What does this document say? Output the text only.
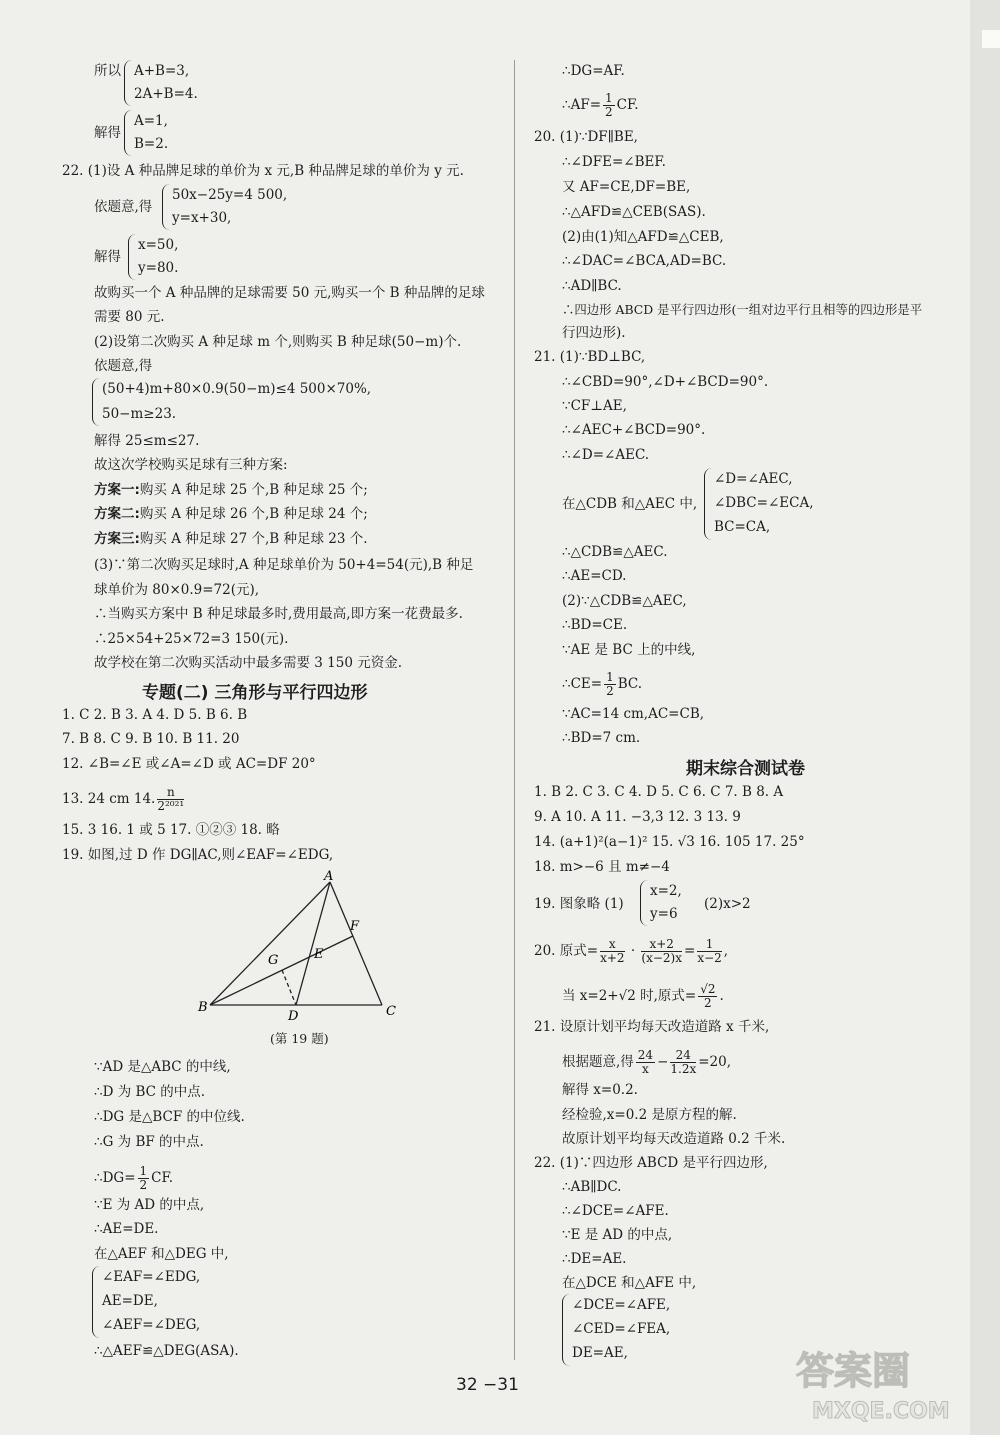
所以 A+B=3,
2A+B=4.
解得
A=1,
B=2.
22. (1)设 A 种品牌足球的单价为 x 元,B 种品牌足球的单价为 y 元.
依题意,得
50x−25y=4 500,
y=x+30,
解得
x=50,
y=80.
故购买一个 A 种品牌的足球需要 50 元,购买一个 B 种品牌的足球
需要 80 元.
(2)设第二次购买 A 种足球 m 个,则购买 B 种足球(50−m)个.
依题意,得
(50+4)m+80×0.9(50−m)≤4 500×70%,
50−m≥23.
解得 25≤m≤27.
故这次学校购买足球有三种方案:
方案一:购买 A 种足球 25 个,B 种足球 25 个;
方案二:购买 A 种足球 26 个,B 种足球 24 个;
方案三:购买 A 种足球 27 个,B 种足球 23 个.
(3)∵第二次购买足球时,A 种足球单价为 50+4=54(元),B 种足
球单价为 80×0.9=72(元),
∴当购买方案中 B 种足球最多时,费用最高,即方案一花费最多.
∴25×54+25×72=3 150(元).
故学校在第二次购买活动中最多需要 3 150 元资金.
专题(二) 三角形与平行四边形
1. C 2. B 3. A 4. D 5. B 6. B
7. B 8. C 9. B 10. B 11. 20
12. ∠B=∠E 或∠A=∠D 或 AC=DF 20°
13. 24 cm 14. $\frac{n}{\text{2²⁰²¹}}$
15. 3 16. 1 或 5 17. ①②③ 18. 略
19. 如图,过 D 作 DG∥AC,则∠EAF=∠EDG,
A
B	C
D
E
F
G
(第 19 题)
∵AD 是△ABC 的中线,
∴D 为 BC 的中点.
∴DG 是△BCF 的中位线.
∴G 为 BF 的中点.
∴DG= $\frac{1}{2}$ CF.
∵E 为 AD 的中点,
∴AE=DE.
在△AEF 和△DEG 中,
∠EAF=∠EDG,
AE=DE,
∠AEF=∠DEG,
∴△AEF≌△DEG(ASA).
∴DG=AF.
∴AF= $\frac{1}{2}$ CF.
20. (1)∵DF∥BE,
∴∠DFE=∠BEF.
又 AF=CE,DF=BE,
∴△AFD≌△CEB(SAS).
(2)由(1)知△AFD≌△CEB,
∴∠DAC=∠BCA,AD=BC.
∴AD∥BC.
∴四边形 ABCD 是平行四边形(一组对边平行且相等的四边形是平
行四边形).
21. (1)∵BD⊥BC,
∴∠CBD=90°,∠D+∠BCD=90°.
∵CF⊥AE,
∴∠AEC+∠BCD=90°.
∴∠D=∠AEC.
在△CDB 和△AEC 中,
∠D=∠AEC,
∠DBC=∠ECA,
BC=CA,
∴△CDB≌△AEC.
∴AE=CD.
(2)∵△CDB≌△AEC,
∴BD=CE.
∵AE 是 BC 上的中线,
∴CE= $\frac{1}{2}$ BC.
∵AC=14 cm,AC=CB,
∴BD=7 cm.
期末综合测试卷
1. B 2. C 3. C 4. D 5. C 6. C 7. B 8. A
9. A 10. A 11. −3,3 12. 3 13. 9
14. (a+1)²(a−1)² 15. √3 16. 105 17. 25°
18. m>−6 且 m≠−4
19. 图象略 (1)
x=2,
y=6
(2)x>2
20. 原式= $\frac{x}{x+2} \cdot \frac{x+2}{(x-2)x} = \frac{1}{x-2}$ ,
当 x=2+√2 时,原式= $\frac{√2}{2}$ .
21. 设原计划平均每天改造道路 x 千米,
根据题意,得 $\frac{24}{x} - \frac{24}{1.2x} =20$,
解得 x=0.2.
经检验,x=0.2 是原方程的解.
故原计划平均每天改造道路 0.2 千米.
22. (1)∵四边形 ABCD 是平行四边形,
∴AB∥DC.
∴∠DCE=∠AFE.
∵E 是 AD 的中点,
∴DE=AE.
在△DCE 和△AFE 中,
∠DCE=∠AFE,
∠CED=∠FEA,
DE=AE,
32 −31	答案圈
MXQE.COM
